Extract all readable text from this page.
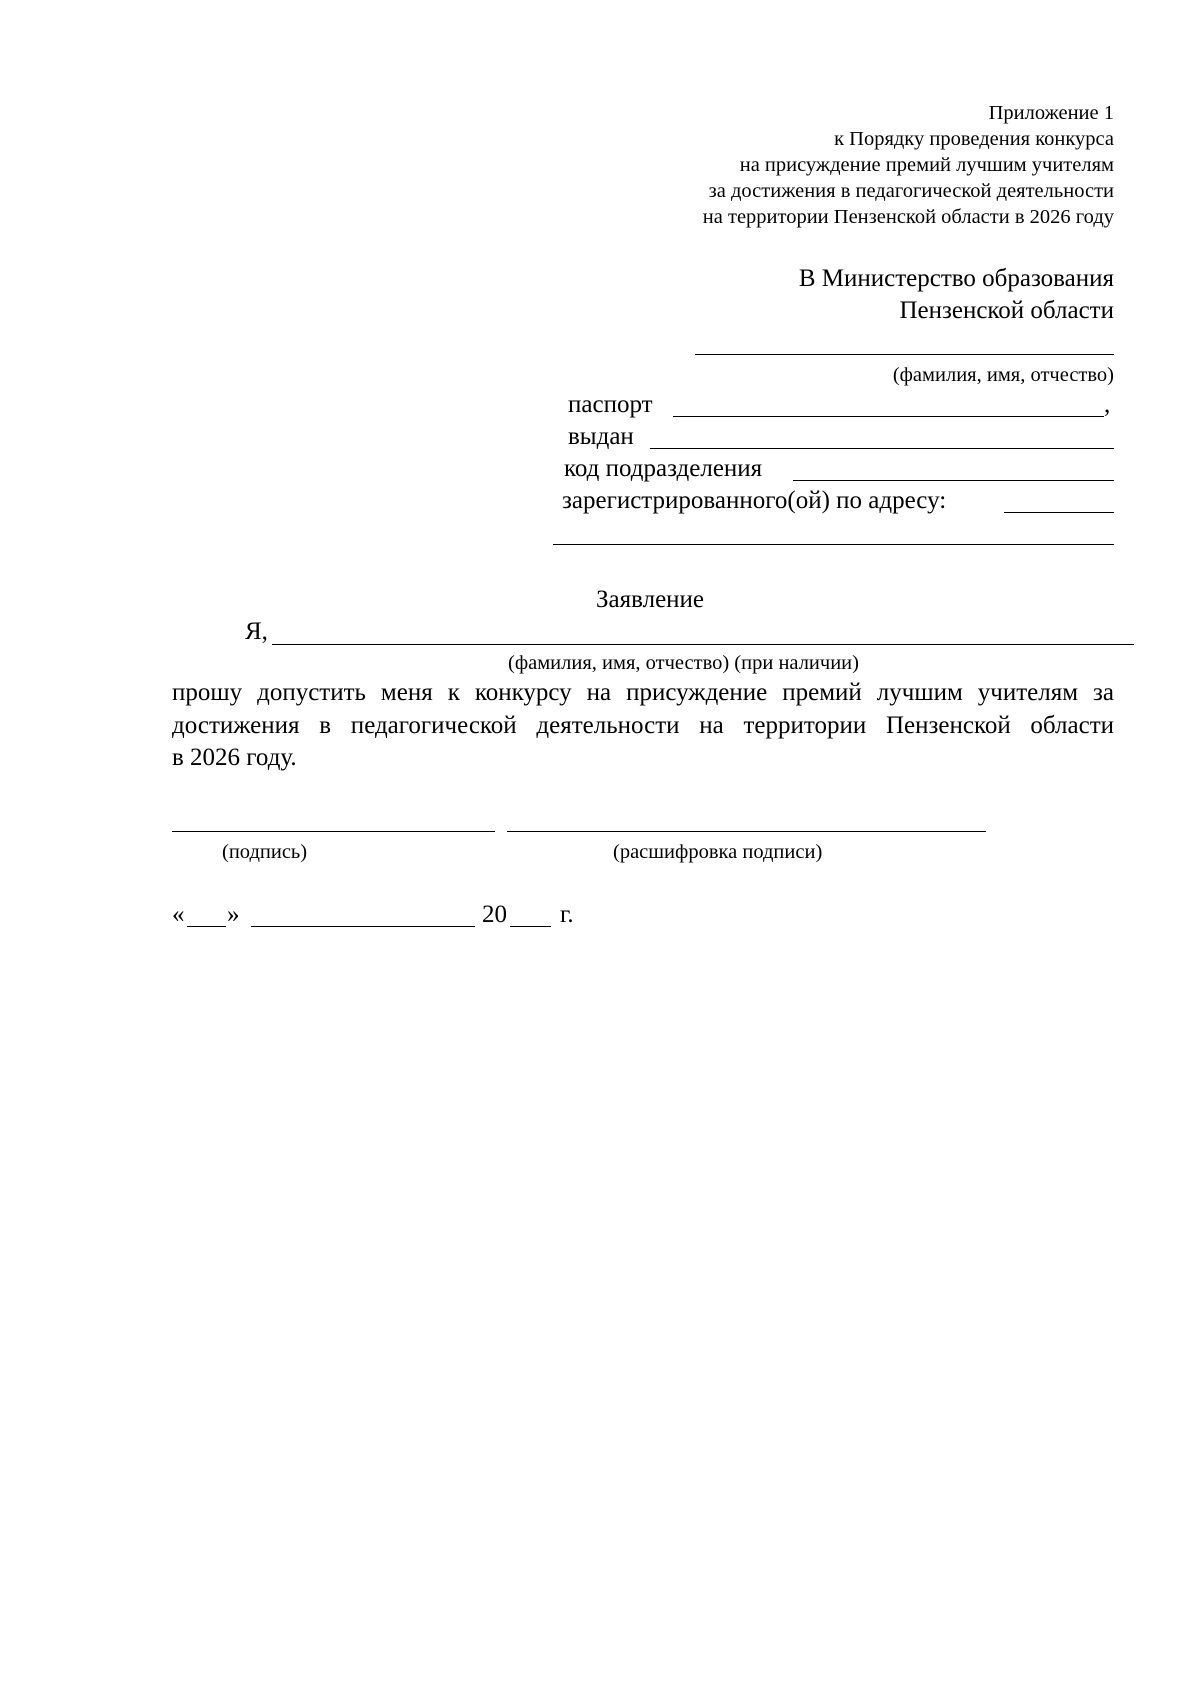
Приложение 1
к Порядку проведения конкурса
на присуждение премий лучшим учителям
за достижения в педагогической деятельности
на территории Пензенской области в 2026 году
В Министерство образования
Пензенской области
(фамилия, имя, отчество)
паспорт	,
выдан
код подразделения
зарегистрированного(ой) по адресу:
Заявление
Я,
(фамилия, имя, отчество) (при наличии)

прошу допустить меня к конкурсу на присуждение премий лучшим учителям за

достижения в педагогической деятельности на территории Пензенской области

в 2026 году.

(подпись)	(расшифровка подписи)
« »	20 г.
